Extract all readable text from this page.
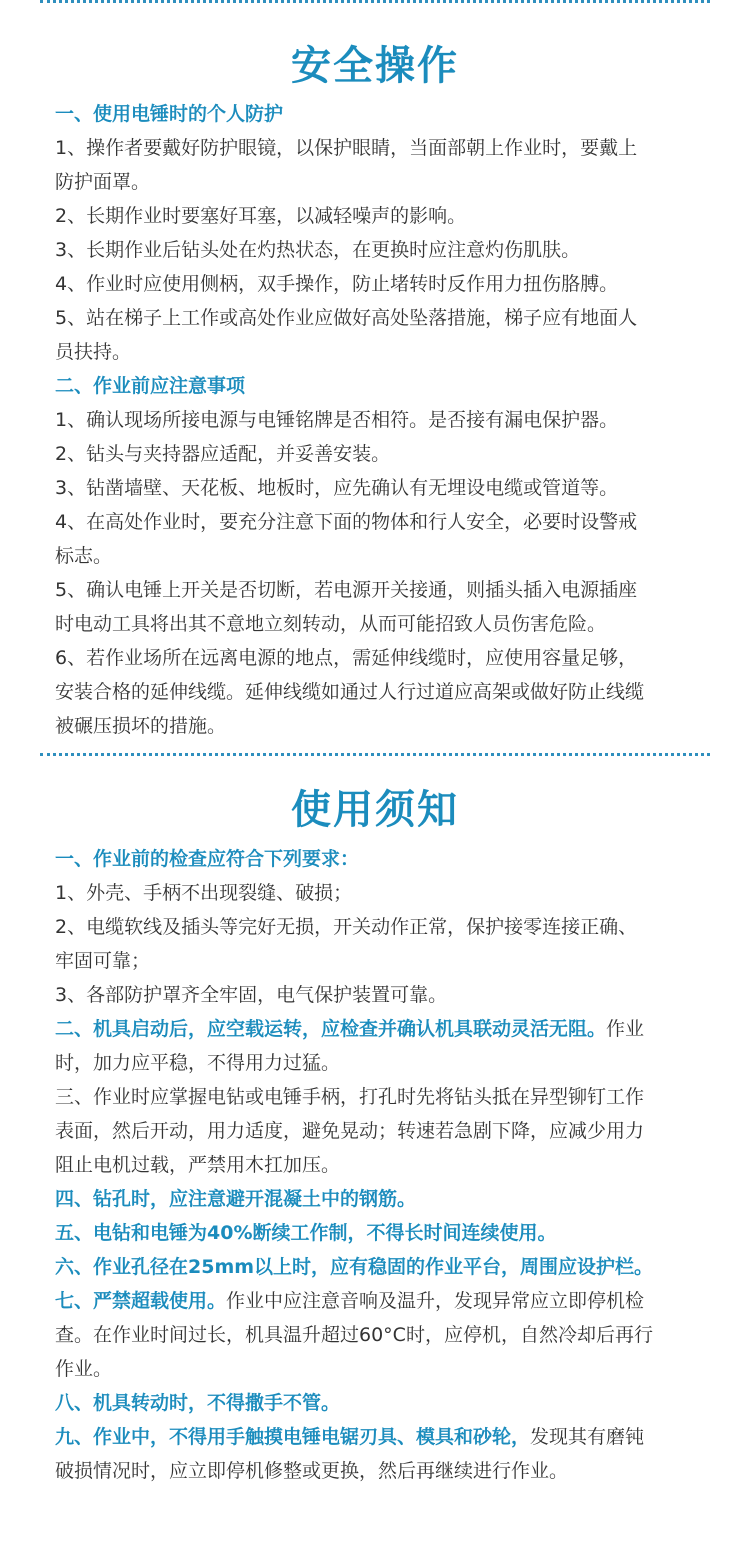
安全操作
一、使用电锤时的个人防护
1、操作者要戴好防护眼镜，以保护眼睛，当面部朝上作业时，要戴上
防护面罩。
2、长期作业时要塞好耳塞，以减轻噪声的影响。
3、长期作业后钻头处在灼热状态，在更换时应注意灼伤肌肤。
4、作业时应使用侧柄，双手操作，防止堵转时反作用力扭伤胳膊。
5、站在梯子上工作或高处作业应做好高处坠落措施，梯子应有地面人
员扶持。
二、作业前应注意事项
1、确认现场所接电源与电锤铭牌是否相符。是否接有漏电保护器。
2、钻头与夹持器应适配，并妥善安装。
3、钻凿墙壁、天花板、地板时，应先确认有无埋设电缆或管道等。
4、在高处作业时，要充分注意下面的物体和行人安全，必要时设警戒
标志。
5、确认电锤上开关是否切断，若电源开关接通，则插头插入电源插座
时电动工具将出其不意地立刻转动，从而可能招致人员伤害危险。
6、若作业场所在远离电源的地点，需延伸线缆时，应使用容量足够，
安装合格的延伸线缆。延伸线缆如通过人行过道应高架或做好防止线缆
被碾压损坏的措施。
使用须知
一、作业前的检查应符合下列要求：
1、外壳、手柄不出现裂缝、破损；
2、电缆软线及插头等完好无损，开关动作正常，保护接零连接正确、
牢固可靠；
3、各部防护罩齐全牢固，电气保护装置可靠。
二、机具启动后，应空载运转，应检查并确认机具联动灵活无阻。作业
时，加力应平稳，不得用力过猛。
三、作业时应掌握电钻或电锤手柄，打孔时先将钻头抵在异型铆钉工作
表面，然后开动，用力适度，避免晃动；转速若急剧下降，应减少用力
阻止电机过载，严禁用木扛加压。
四、钻孔时，应注意避开混凝土中的钢筋。
五、电钻和电锤为40%断续工作制，不得长时间连续使用。
六、作业孔径在25mm以上时，应有稳固的作业平台，周围应设护栏。
七、严禁超载使用。作业中应注意音响及温升，发现异常应立即停机检
查。在作业时间过长，机具温升超过60°C时，应停机，自然冷却后再行
作业。
八、机具转动时，不得撒手不管。
九、作业中，不得用手触摸电锤电锯刃具、模具和砂轮，发现其有磨钝
破损情况时，应立即停机修整或更换，然后再继续进行作业。
